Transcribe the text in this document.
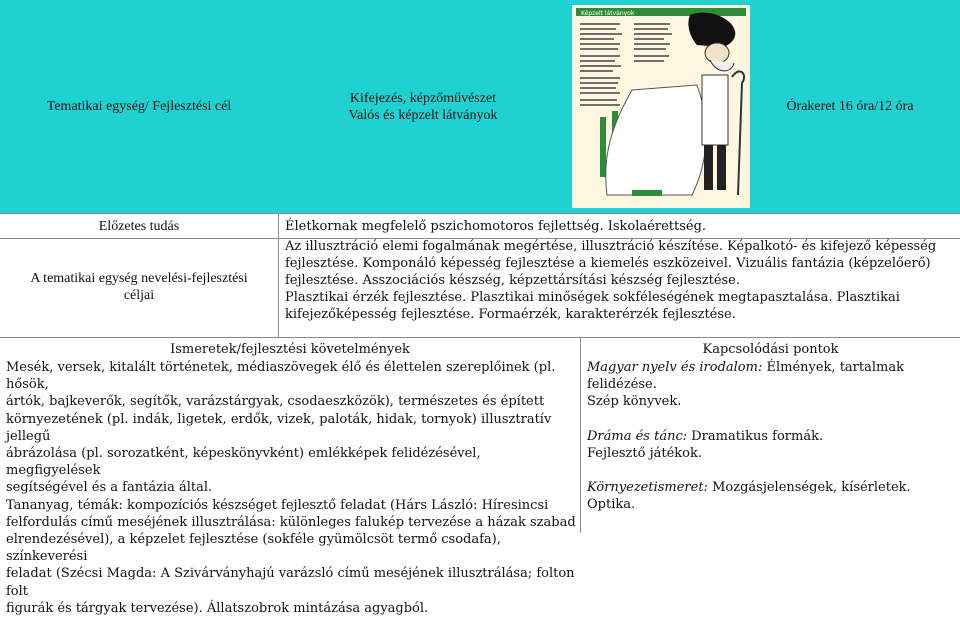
Tematikai egység/ Fejlesztési cél
Kifejezés, képzőművészet
Valós és képzelt látványok
Képzelt látványok
Órakeret 16 óra/12 óra
Előzetes tudás	Életkornak megfelelő pszichomotoros fejlettség. Iskolaérettség.

A tematikai egység nevelési-fejlesztési

céljai

Az illusztráció elemi fogalmának megértése, illusztráció készítése. Képalkotó- és kifejező képesség

fejlesztése. Komponáló képesség fejlesztése a kiemelés eszközeivel. Vizuális fantázia (képzelőerő)

fejlesztése. Asszociációs készség, képzettársítási készség fejlesztése.

Plasztikai érzék fejlesztése. Plasztikai minőségek sokféleségének megtapasztalása. Plasztikai

kifejezőképesség fejlesztése. Formaérzék, karakterérzék fejlesztése.

Ismeretek/fejlesztési követelmények

Mesék, versek, kitalált történetek, médiaszövegek élő és élettelen szereplőinek (pl. hősök,

ártók, bajkeverők, segítők, varázstárgyak, csodaeszközök), természetes és épített

környezetének (pl. indák, ligetek, erdők, vizek, paloták, hidak, tornyok) illusztratív jellegű

ábrázolása (pl. sorozatként, képeskönyvként) emlékképek felidézésével, megfigyelések

segítségével és a fantázia által.

Tananyag, témák: kompozíciós készséget fejlesztő feladat (Hárs László: Híresincsi

felfordulás című meséjének illusztrálása: különleges falukép tervezése a házak szabad

elrendezésével), a képzelet fejlesztése (sokféle gyümölcsöt termő csodafa), színkeverési

feladat (Szécsi Magda: A Szivárványhajú varázsló című meséjének illusztrálása; folton folt

figurák és tárgyak tervezése). Állatszobrok mintázása agyagból.

Kapcsolódási pontok

Magyar nyelv és irodalom: Élmények, tartalmak felidézése.

Szép könyvek.

Dráma és tánc: Dramatikus formák.

Fejlesztő játékok.

Környezetismeret: Mozgásjelenségek, kísérletek. Optika.
